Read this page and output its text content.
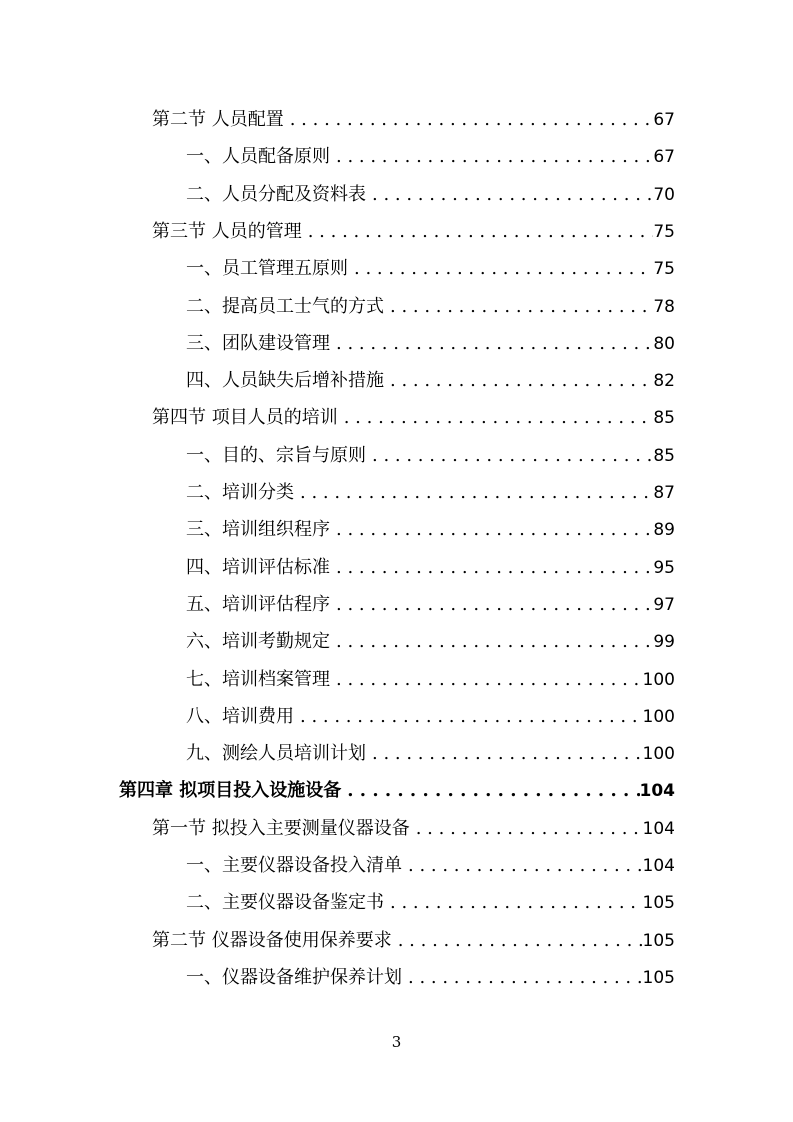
第二节 人员配置 . . .	67
一、人员配备原则 . . .	67
二、人员分配及资料表 . . .	70
第三节 人员的管理 . . .	75
一、员工管理五原则 . . .	75
二、提高员工士气的方式 . . .	78
三、团队建设管理 . . .	80
四、人员缺失后增补措施 . . .	82
第四节 项目人员的培训 . . .	85
一、目的、宗旨与原则 . . .	85
二、培训分类 . . .	87
三、培训组织程序 . . .	89
四、培训评估标准 . . .	95
五、培训评估程序 . . .	97
六、培训考勤规定 . . .	99
七、培训档案管理 . . .	100
八、培训费用 . . .	100
九、测绘人员培训计划 . . .	100
第四章 拟项目投入设施设备 . . .	104
第一节 拟投入主要测量仪器设备 . . .	104
一、主要仪器设备投入清单 . . .	104
二、主要仪器设备鉴定书 . . .	105
第二节 仪器设备使用保养要求 . . .	105
一、仪器设备维护保养计划 . . .	105
3
